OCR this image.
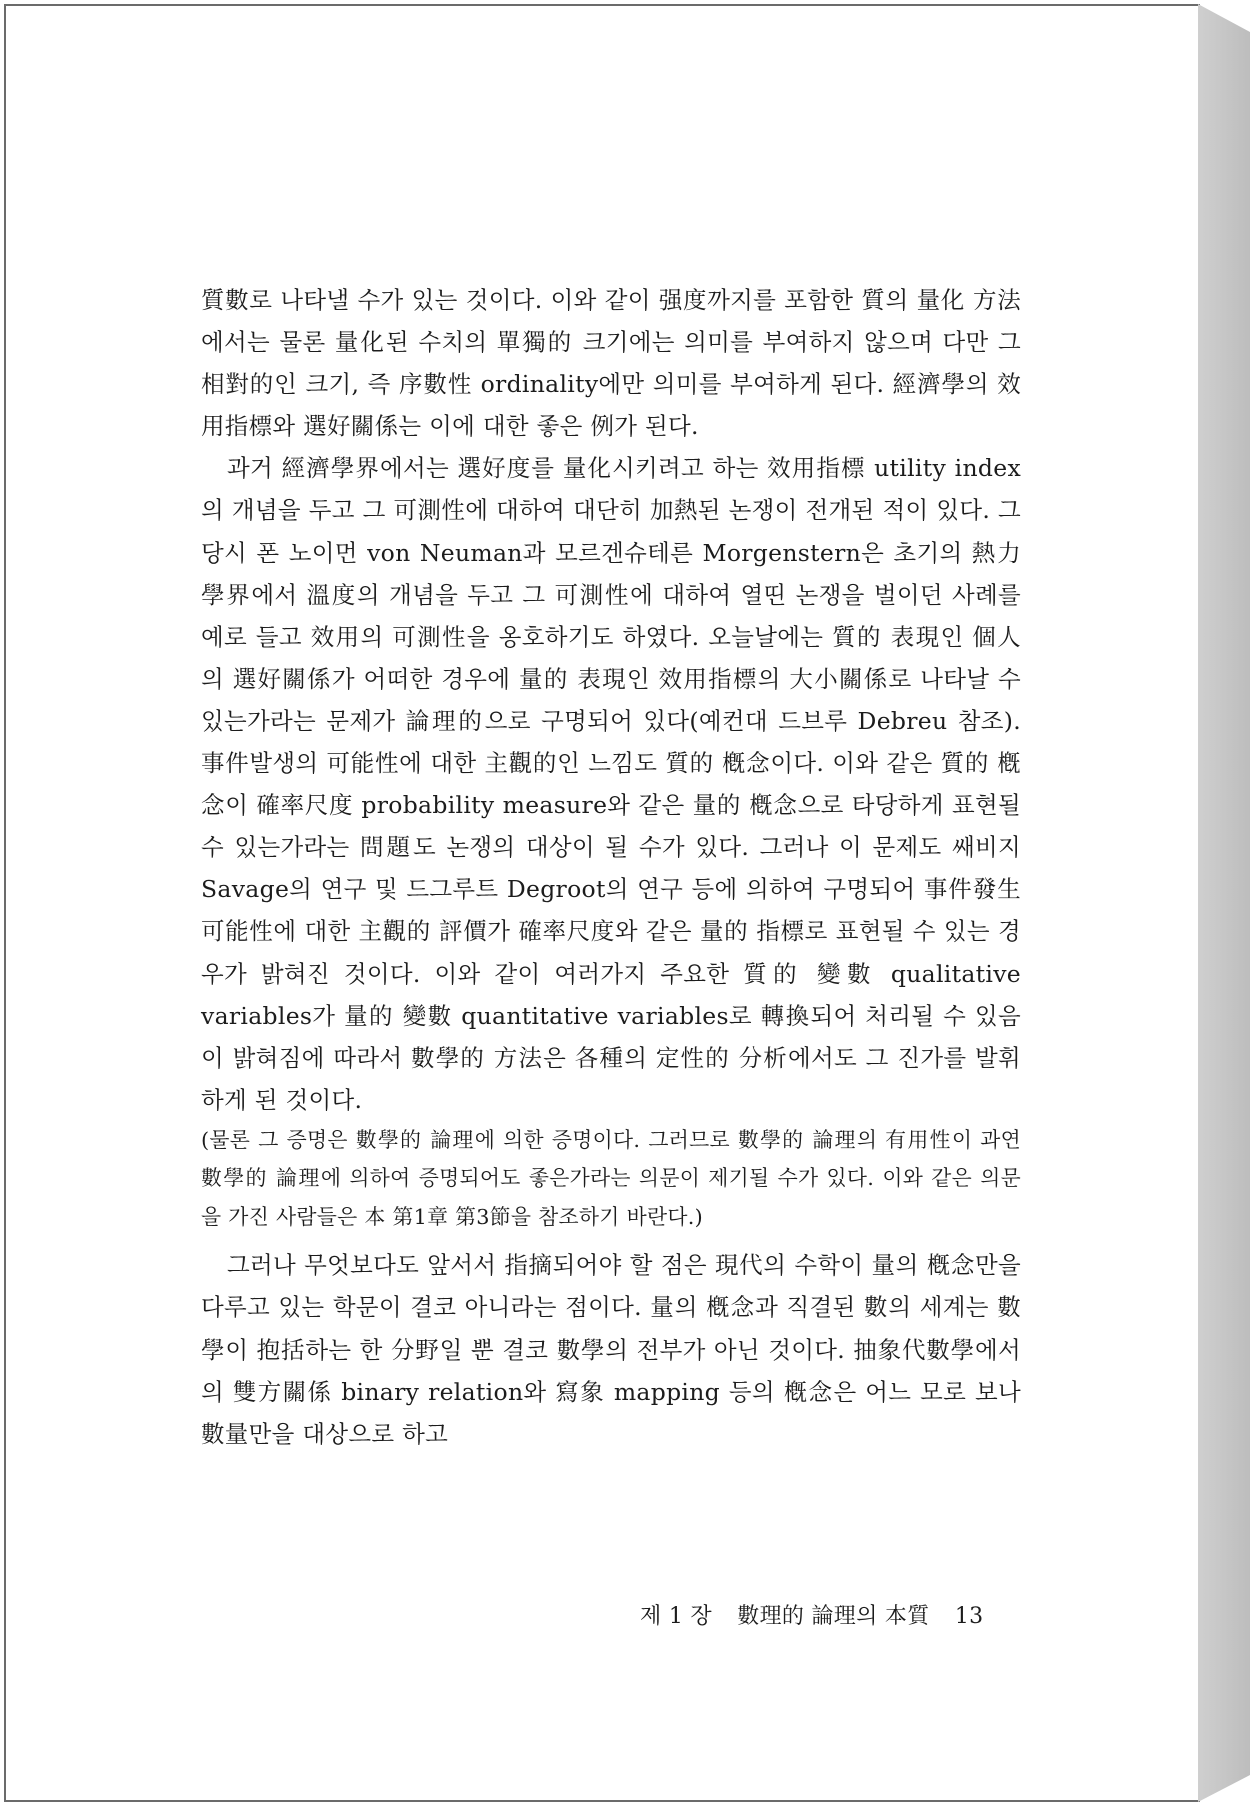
質數로 나타낼 수가 있는 것이다. 이와 같이 强度까지를 포함한 質의 量化 方法에서는 물론 量化된 수치의 單獨的 크기에는 의미를 부여하지 않으며 다만 그 相對的인 크기, 즉 序數性 ordinality에만 의미를 부여하게 된다. 經濟學의 效用指標와 選好關係는 이에 대한 좋은 例가 된다.

과거 經濟學界에서는 選好度를 量化시키려고 하는 效用指標 utility index의 개념을 두고 그 可測性에 대하여 대단히 加熱된 논쟁이 전개된 적이 있다. 그 당시 폰 노이먼 von Neuman과 모르겐슈테른 Morgenstern은 초기의 熱力學界에서 溫度의 개념을 두고 그 可測性에 대하여 열띤 논쟁을 벌이던 사례를 예로 들고 效用의 可測性을 옹호하기도 하였다. 오늘날에는 質的 表現인 個人의 選好關係가 어떠한 경우에 量的 表現인 效用指標의 大小關係로 나타날 수 있는가라는 문제가 論理的으로 구명되어 있다(예컨대 드브루 Debreu 참조). 事件발생의 可能性에 대한 主觀的인 느낌도 質的 槪念이다. 이와 같은 質的 槪念이 確率尺度 probability measure와 같은 量的 槪念으로 타당하게 표현될 수 있는가라는 問題도 논쟁의 대상이 될 수가 있다. 그러나 이 문제도 쌔비지 Savage의 연구 및 드그루트 Degroot의 연구 등에 의하여 구명되어 事件發生 可能性에 대한 主觀的 評價가 確率尺度와 같은 量的 指標로 표현될 수 있는 경우가 밝혀진 것이다. 이와 같이 여러가지 주요한 質的 變數 qualitative variables가 量的 變數 quantitative variables로 轉換되어 처리될 수 있음이 밝혀짐에 따라서 數學的 方法은 各種의 定性的 分析에서도 그 진가를 발휘하게 된 것이다.

(물론 그 증명은 數學的 論理에 의한 증명이다. 그러므로 數學的 論理의 有用性이 과연 數學的 論理에 의하여 증명되어도 좋은가라는 의문이 제기될 수가 있다. 이와 같은 의문을 가진 사람들은 本 第1章 第3節을 참조하기 바란다.)

그러나 무엇보다도 앞서서 指摘되어야 할 점은 現代의 수학이 量의 槪念만을 다루고 있는 학문이 결코 아니라는 점이다. 量의 槪念과 직결된 數의 세계는 數學이 抱括하는 한 分野일 뿐 결코 數學의 전부가 아닌 것이다. 抽象代數學에서의 雙方關係 binary relation와 寫象 mapping 등의 槪念은 어느 모로 보나 數量만을 대상으로 하고

제 1 장 數理的 論理의 本質 13
